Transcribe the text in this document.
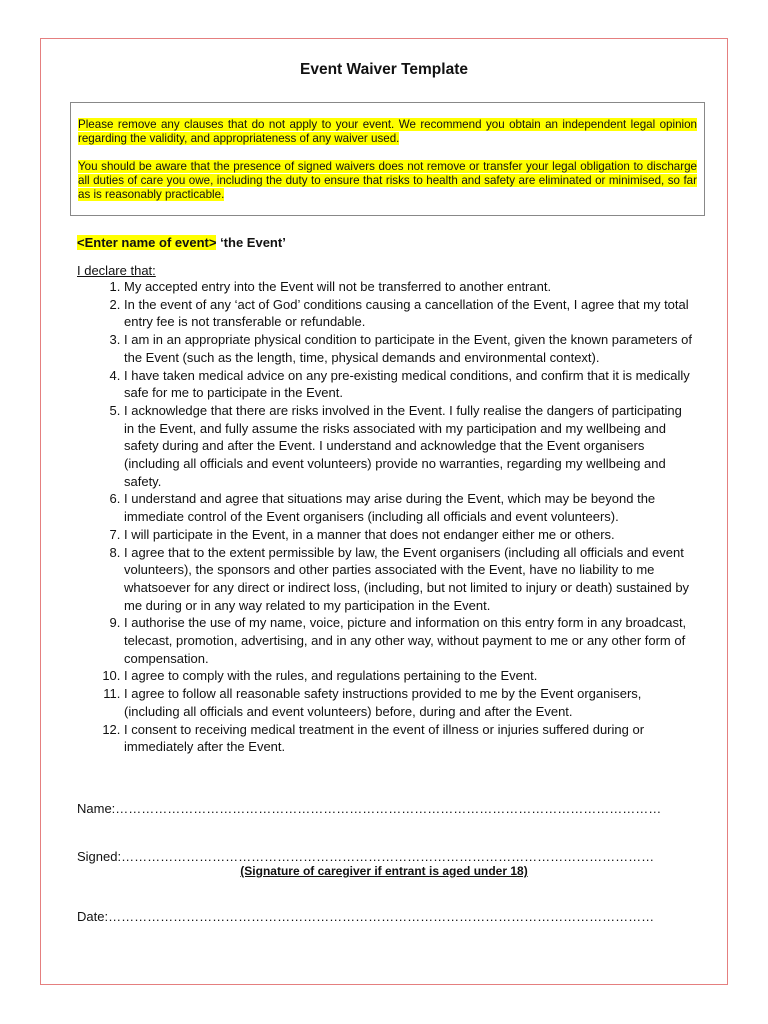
Event Waiver Template

Please remove any clauses that do not apply to your event. We recommend you obtain an independent legal opinion regarding the validity, and appropriateness of any waiver used.

You should be aware that the presence of signed waivers does not remove or transfer your legal obligation to discharge all duties of care you owe, including the duty to ensure that risks to health and safety are eliminated or minimised, so far as is reasonably practicable.

<Enter name of event> ‘the Event’
I declare that:
1. My accepted entry into the Event will not be transferred to another entrant.
2. In the event of any ‘act of God’ conditions causing a cancellation of the Event, I agree that my total entry fee is not transferable or refundable.
3. I am in an appropriate physical condition to participate in the Event, given the known parameters of the Event (such as the length, time, physical demands and environmental context).
4. I have taken medical advice on any pre-existing medical conditions, and confirm that it is medically safe for me to participate in the Event.
5. I acknowledge that there are risks involved in the Event. I fully realise the dangers of participating in the Event, and fully assume the risks associated with my participation and my wellbeing and safety during and after the Event. I understand and acknowledge that the Event organisers (including all officials and event volunteers) provide no warranties, regarding my wellbeing and safety.
6. I understand and agree that situations may arise during the Event, which may be beyond the immediate control of the Event organisers (including all officials and event volunteers).
7. I will participate in the Event, in a manner that does not endanger either me or others.
8. I agree that to the extent permissible by law, the Event organisers (including all officials and event volunteers), the sponsors and other parties associated with the Event, have no liability to me whatsoever for any direct or indirect loss, (including, but not limited to injury or death) sustained by me during or in any way related to my participation in the Event.
9. I authorise the use of my name, voice, picture and information on this entry form in any broadcast, telecast, promotion, advertising, and in any other way, without payment to me or any other form of compensation.
10. I agree to comply with the rules, and regulations pertaining to the Event.
11. I agree to follow all reasonable safety instructions provided to me by the Event organisers, (including all officials and event volunteers) before, during and after the Event.
12. I consent to receiving medical treatment in the event of illness or injuries suffered during or immediately after the Event.
Name:………………………………………………………………………………………………………………
Signed:……………………………………………………………………………………………………………
(Signature of caregiver if entrant is aged under 18)
Date:………………………………………………………………………………………………………………
